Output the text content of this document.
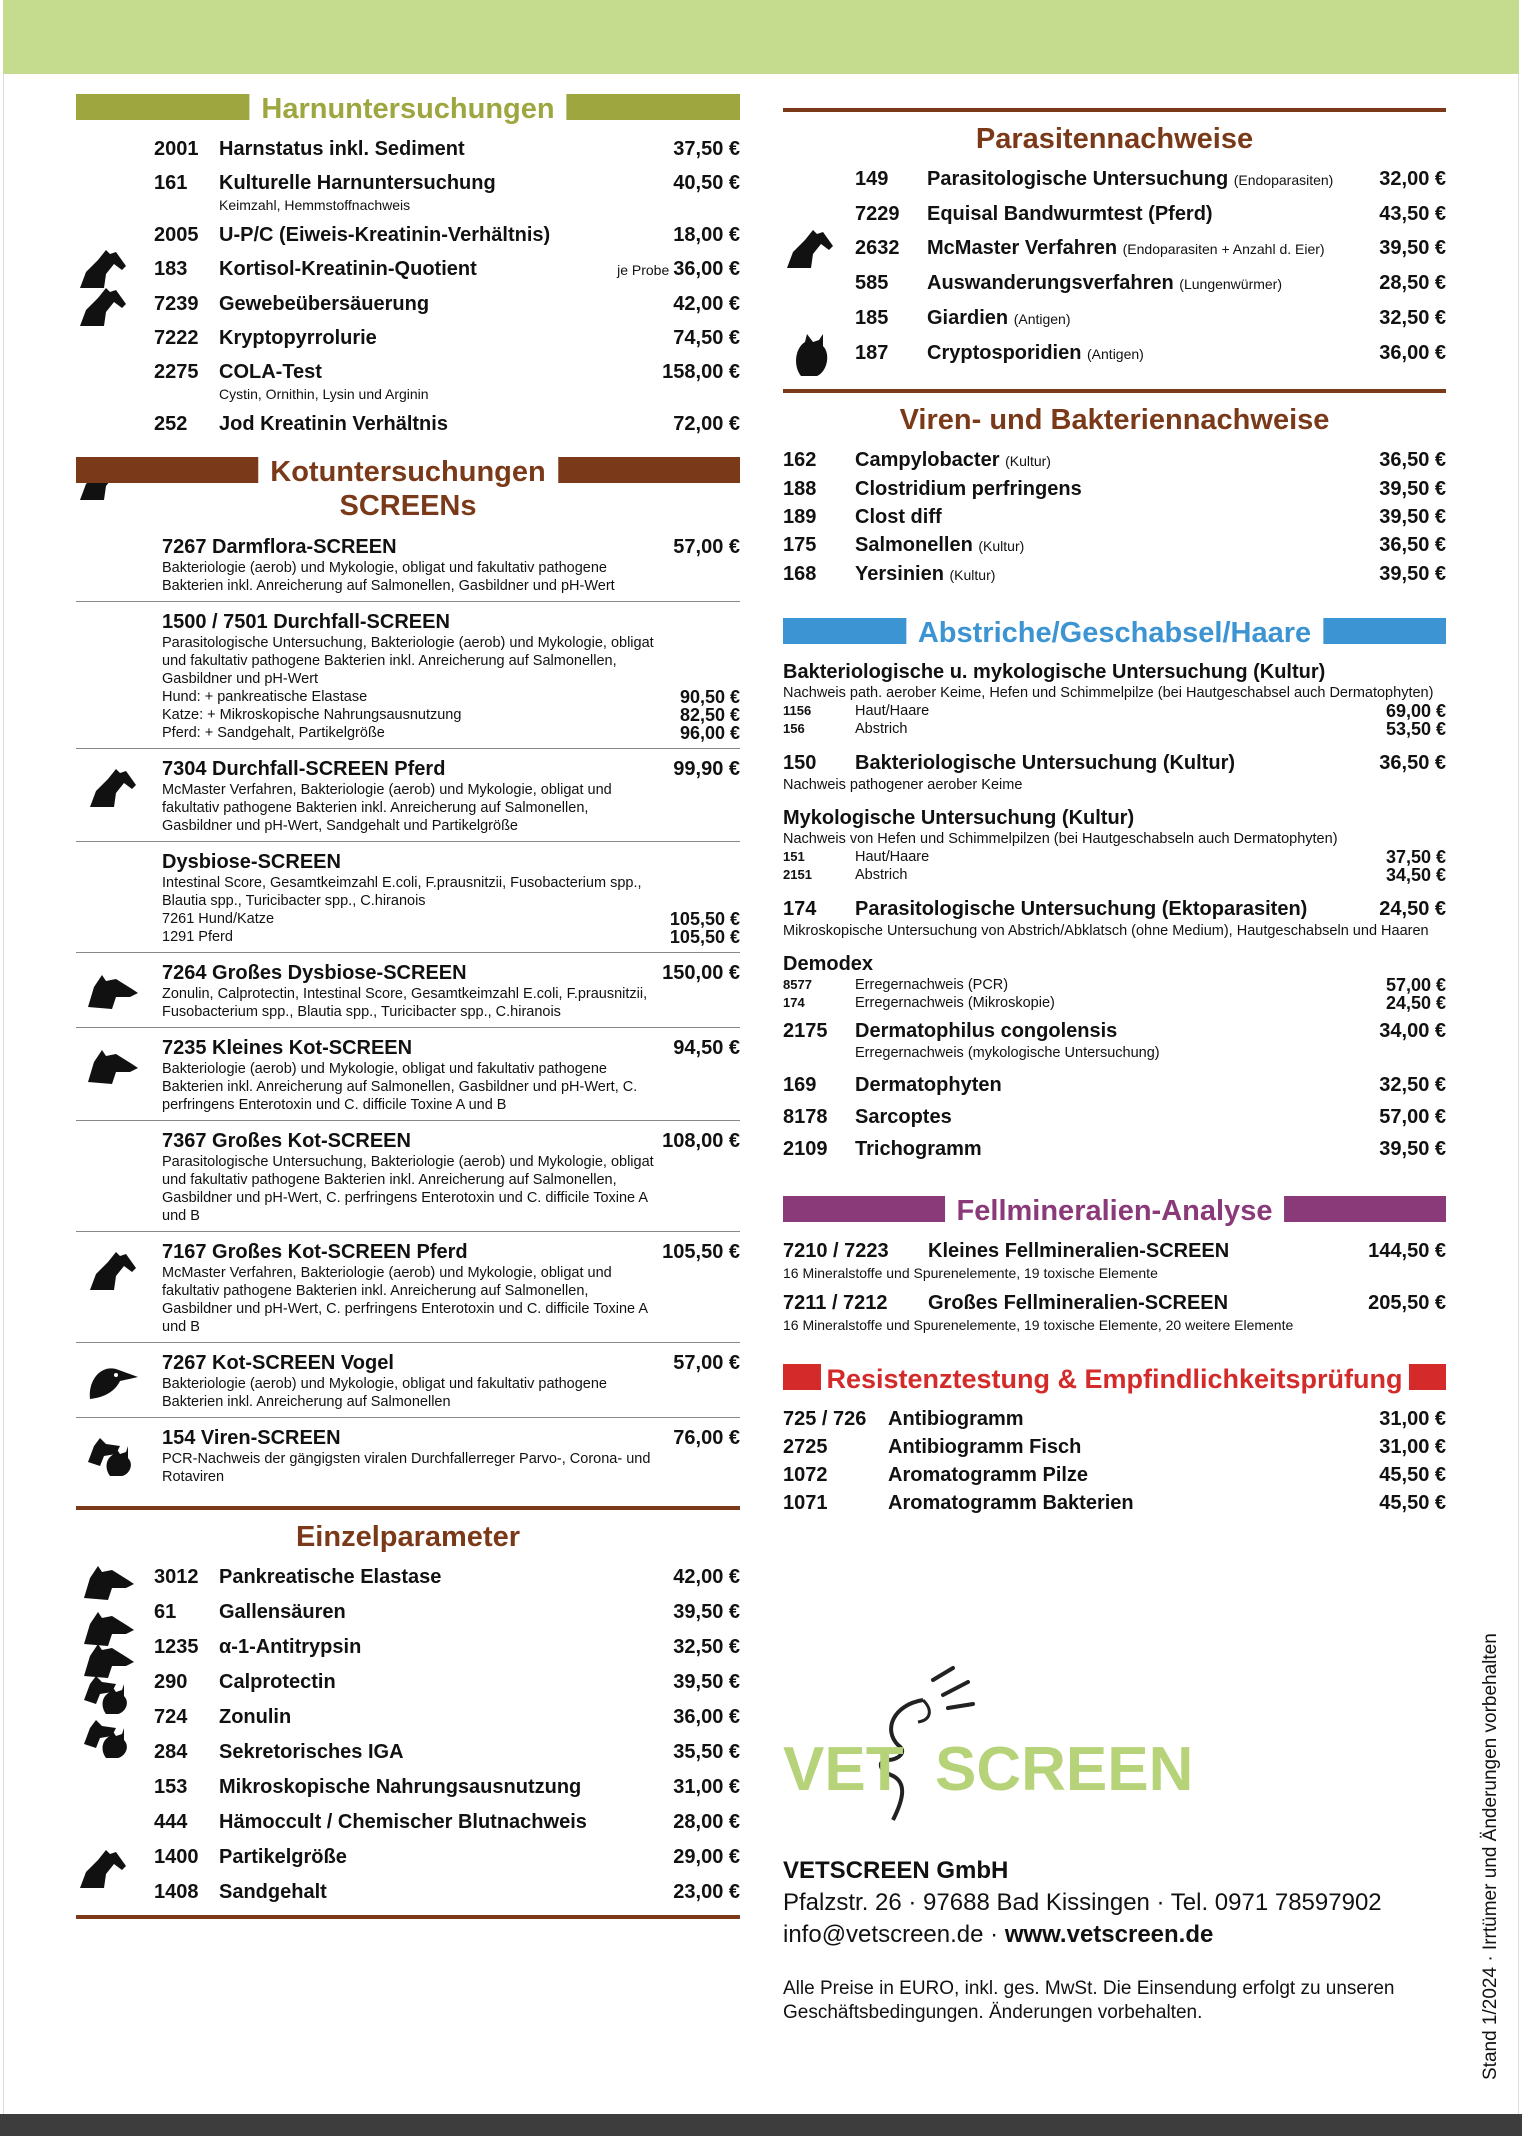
Harnuntersuchungen
2001	Harnstatus inkl. Sediment	37,50 €
161	Kulturelle Harnuntersuchung	40,50 €
Keimzahl, Hemmstoffnachweis
2005	U-P/C (Eiweis-Kreatinin-Verhältnis)	18,00 €
183	Kortisol-Kreatinin-Quotient	je Probe 36,00 €
7239	Gewebeübersäuerung	42,00 €
7222	Kryptopyrrolurie	74,50 €
2275	COLA-Test	158,00 €
Cystin, Ornithin, Lysin und Arginin
252	Jod Kreatinin Verhältnis	72,00 €
Kotuntersuchungen
SCREENs
7267 Darmflora-SCREEN	57,00 €
Bakteriologie (aerob) und Mykologie, obligat und fakultativ pathogene Bakterien inkl. Anreicherung auf Salmonellen, Gasbildner und pH-Wert
1500 / 7501 Durchfall-SCREEN
Parasitologische Untersuchung, Bakteriologie (aerob) und Mykologie, obligat und fakultativ pathogene Bakterien inkl. Anreicherung auf Salmonellen, Gasbildner und pH-Wert
Hund: + pankreatische Elastase	90,50 €
Katze: + Mikroskopische Nahrungsausnutzung	82,50 €
Pferd: + Sandgehalt, Partikelgröße	96,00 €
7304 Durchfall-SCREEN Pferd	99,90 €
McMaster Verfahren, Bakteriologie (aerob) und Mykologie, obligat und fakultativ pathogene Bakterien inkl. Anreicherung auf Salmonellen, Gasbildner und pH-Wert, Sandgehalt und Partikelgröße
Dysbiose-SCREEN
Intestinal Score, Gesamtkeimzahl E.coli, F.prausnitzii, Fusobacterium spp., Blautia spp., Turicibacter spp., C.hiranois
7261 Hund/Katze	105,50 €
1291 Pferd	105,50 €
7264 Großes Dysbiose-SCREEN	150,00 €
Zonulin, Calprotectin, Intestinal Score, Gesamtkeimzahl E.coli, F.prausnitzii, Fusobacterium spp., Blautia spp., Turicibacter spp., C.hiranois
7235 Kleines Kot-SCREEN	94,50 €
Bakteriologie (aerob) und Mykologie, obligat und fakultativ pathogene Bakterien inkl. Anreicherung auf Salmonellen, Gasbildner und pH-Wert, C. perfringens Enterotoxin und C. difficile Toxine A und B
7367 Großes Kot-SCREEN	108,00 €
Parasitologische Untersuchung, Bakteriologie (aerob) und Mykologie, obligat und fakultativ pathogene Bakterien inkl. Anreicherung auf Salmonellen, Gasbildner und pH-Wert, C. perfringens Enterotoxin und C. difficile Toxine A und B
7167 Großes Kot-SCREEN Pferd	105,50 €
McMaster Verfahren, Bakteriologie (aerob) und Mykologie, obligat und fakultativ pathogene Bakterien inkl. Anreicherung auf Salmonellen, Gasbildner und pH-Wert, C. perfringens Enterotoxin und C. difficile Toxine A und B
7267 Kot-SCREEN Vogel	57,00 €
Bakteriologie (aerob) und Mykologie, obligat und fakultativ pathogene Bakterien inkl. Anreicherung auf Salmonellen
154 Viren-SCREEN	76,00 €
PCR-Nachweis der gängigsten viralen Durchfallerreger Parvo-, Corona- und Rotaviren
Einzelparameter
3012	Pankreatische Elastase	42,00 €
61	Gallensäuren	39,50 €
1235	α-1-Antitrypsin	32,50 €
290	Calprotectin	39,50 €
724	Zonulin	36,00 €
284	Sekretorisches IGA	35,50 €
153	Mikroskopische Nahrungsausnutzung	31,00 €
444	Hämoccult / Chemischer Blutnachweis	28,00 €
1400	Partikelgröße	29,00 €
1408	Sandgehalt	23,00 €
Parasitennachweise
149	Parasitologische Untersuchung (Endoparasiten)	32,00 €
7229	Equisal Bandwurmtest (Pferd)	43,50 €
2632	McMaster Verfahren (Endoparasiten + Anzahl d. Eier)	39,50 €
585	Auswanderungsverfahren (Lungenwürmer)	28,50 €
185	Giardien (Antigen)	32,50 €
187	Cryptosporidien (Antigen)	36,00 €
Viren- und Bakteriennachweise
162	Campylobacter (Kultur)	36,50 €
188	Clostridium perfringens	39,50 €
189	Clost diff	39,50 €
175	Salmonellen (Kultur)	36,50 €
168	Yersinien (Kultur)	39,50 €
Abstriche/Geschabsel/Haare
Bakteriologische u. mykologische Untersuchung (Kultur)
Nachweis path. aerober Keime, Hefen und Schimmelpilze (bei Hautgeschabsel auch Dermatophyten)
1156	Haut/Haare	69,00 €
156	Abstrich	53,50 €
150	Bakteriologische Untersuchung (Kultur)	36,50 €
Nachweis pathogener aerober Keime
Mykologische Untersuchung (Kultur)
Nachweis von Hefen und Schimmelpilzen (bei Hautgeschabseln auch Dermatophyten)
151	Haut/Haare	37,50 €
2151	Abstrich	34,50 €
174	Parasitologische Untersuchung (Ektoparasiten)	24,50 €
Mikroskopische Untersuchung von Abstrich/Abklatsch (ohne Medium), Hautgeschabseln und Haaren
Demodex
8577	Erregernachweis (PCR)	57,00 €
174	Erregernachweis (Mikroskopie)	24,50 €
2175	Dermatophilus congolensis	34,00 €
Erregernachweis (mykologische Untersuchung)
169	Dermatophyten	32,50 €
8178	Sarcoptes	57,00 €
2109	Trichogramm	39,50 €
Fellmineralien-Analyse
7210 / 7223	Kleines Fellmineralien-SCREEN	144,50 €
16 Mineralstoffe und Spurenelemente, 19 toxische Elemente
7211 / 7212	Großes Fellmineralien-SCREEN	205,50 €
16 Mineralstoffe und Spurenelemente, 19 toxische Elemente, 20 weitere Elemente
Resistenztestung & Empfindlichkeitsprüfung
725 / 726	Antibiogramm	31,00 €
2725	Antibiogramm Fisch	31,00 €
1072	Aromatogramm Pilze	45,50 €
1071	Aromatogramm Bakterien	45,50 €
VET SCREEN
VETSCREEN GmbH
Pfalzstr. 26 · 97688 Bad Kissingen · Tel. 0971 78597902
info@vetscreen.de · www.vetscreen.de
Alle Preise in EURO, inkl. ges. MwSt. Die Einsendung erfolgt zu unseren Geschäftsbedingungen. Änderungen vorbehalten.	Stand 1/2024 · Irrtümer und Änderungen vorbehalten
